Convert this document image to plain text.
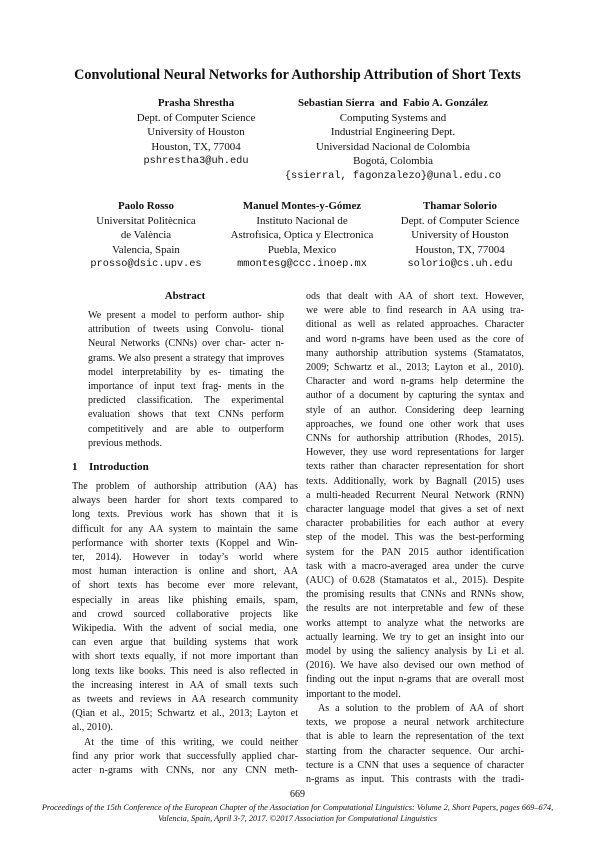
Convolutional Neural Networks for Authorship Attribution of Short Texts
Prasha Shrestha
Dept. of Computer Science
University of Houston
Houston, TX, 77004
pshrestha3@uh.edu
Sebastian Sierra  and  Fabio A. González
Computing Systems and
Industrial Engineering Dept.
Universidad Nacional de Colombia
Bogotá, Colombia
{ssierral, fagonzalezo}@unal.edu.co
Paolo Rosso
Universitat Politècnica
de València
Valencia, Spain
prosso@dsic.upv.es
Manuel Montes-y-Gómez
Instituto Nacional de
Astrofısica, Optica y Electronica
Puebla, Mexico
mmontesg@ccc.inoep.mx
Thamar Solorio
Dept. of Computer Science
University of Houston
Houston, TX, 77004
solorio@cs.uh.edu
Abstract
We present a model to perform author- ship attribution of tweets using Convolu- tional Neural Networks (CNNs) over char- acter n-grams. We also present a strategy that improves model interpretability by es- timating the importance of input text frag- ments in the predicted classification. The experimental evaluation shows that text CNNs perform competitively and are able to outperform previous methods.
1 Introduction
The problem of authorship attribution (AA) has
always been harder for short texts compared to
long texts. Previous work has shown that it is
difficult for any AA system to maintain the same
performance with shorter texts (Koppel and Win-
ter, 2014). However in today’s world where
most human interaction is online and short, AA
of short texts has become ever more relevant,
especially in areas like phishing emails, spam,
and crowd sourced collaborative projects like
Wikipedia. With the advent of social media, one
can even argue that building systems that work
with short texts equally, if not more important than
long texts like books. This need is also reflected in
the increasing interest in AA of small texts such
as tweets and reviews in AA research community
(Qian et al., 2015; Schwartz et al., 2013; Layton et
al., 2010).
At the time of this writing, we could neither
find any prior work that successfully applied char-
acter n-grams with CNNs, nor any CNN meth-
ods that dealt with AA of short text. However,
we were able to find research in AA using tra-
ditional as well as related approaches. Character
and word n-grams have been used as the core of
many authorship attribution systems (Stamatatos,
2009; Schwartz et al., 2013; Layton et al., 2010).
Character and word n-grams help determine the
author of a document by capturing the syntax and
style of an author. Considering deep learning
approaches, we found one other work that uses
CNNs for authorship attribution (Rhodes, 2015).
However, they use word representations for larger
texts rather than character representation for short
texts. Additionally, work by Bagnall (2015) uses
a multi-headed Recurrent Neural Network (RNN)
character language model that gives a set of next
character probabilities for each author at every
step of the model. This was the best-performing
system for the PAN 2015 author identification
task with a macro-averaged area under the curve
(AUC) of 0.628 (Stamatatos et al., 2015). Despite
the promising results that CNNs and RNNs show,
the results are not interpretable and few of these
works attempt to analyze what the networks are
actually learning. We try to get an insight into our
model by using the saliency analysis by Li et al.
(2016). We have also devised our own method of
finding out the input n-grams that are overall most
important to the model.
As a solution to the problem of AA of short
texts, we propose a neural network architecture
that is able to learn the representation of the text
starting from the character sequence. Our archi-
tecture is a CNN that uses a sequence of character
n-grams as input. This contrasts with the tradi-
669
Proceedings of the 15th Conference of the European Chapter of the Association for Computational Linguistics: Volume 2, Short Papers, pages 669–674,
Valencia, Spain, April 3-7, 2017. ©2017 Association for Computational Linguistics
